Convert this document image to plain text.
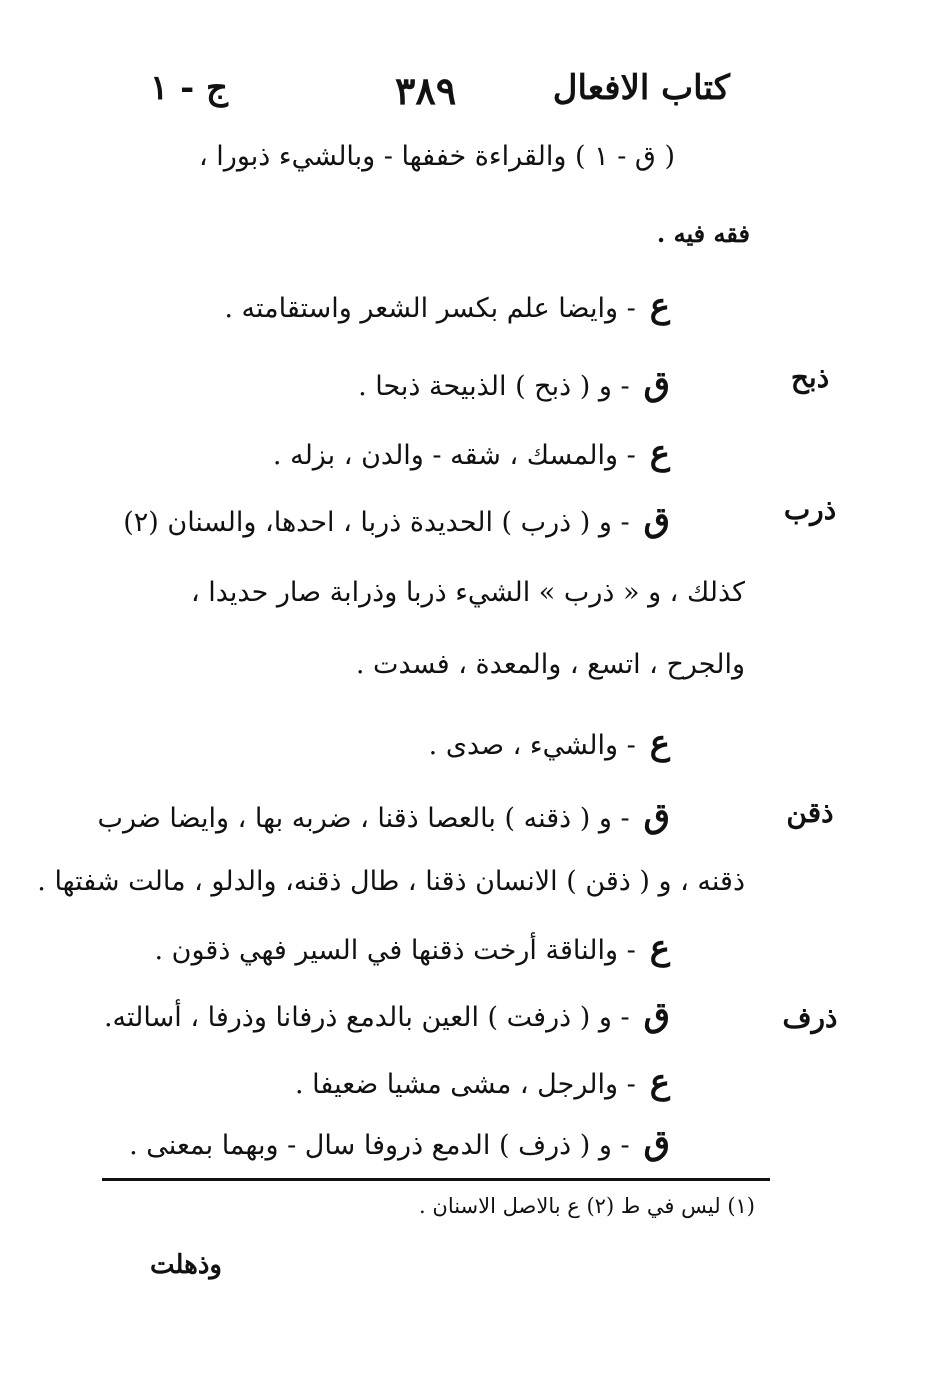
كتاب الافعال
٣٨٩
ج - ١
( ق - ١ ) والقراءة خففها - وبالشيء ذبورا ،
فقه فيه .
ع- وايضا علم بكسر الشعر واستقامته .
ق- و ( ذبح ) الذبيحة ذبحا .
ع- والمسك ، شقه - والدن ، بزله .
ق- و ( ذرب ) الحديدة ذربا ، احدها، والسنان (٢)
كذلك ، و « ذرب » الشيء ذربا وذرابة صار حديدا ،
والجرح ، اتسع ، والمعدة ، فسدت .
ع- والشيء ، صدى .
ق- و ( ذقنه ) بالعصا ذقنا ، ضربه بها ، وايضا ضرب
ذقنه ، و ( ذقن ) الانسان ذقنا ، طال ذقنه، والدلو ، مالت شفتها .
ع- والناقة أرخت ذقنها في السير فهي ذقون .
ق- و ( ذرفت ) العين بالدمع ذرفانا وذرفا ، أسالته.
ع- والرجل ، مشى مشيا ضعيفا .
ق- و ( ذرف ) الدمع ذروفا سال - وبهما بمعنى .
ذبح
ذرب
ذقن
ذرف
(١) ليس في ط (٢) ع بالاصل الاسنان .
وذهلت
